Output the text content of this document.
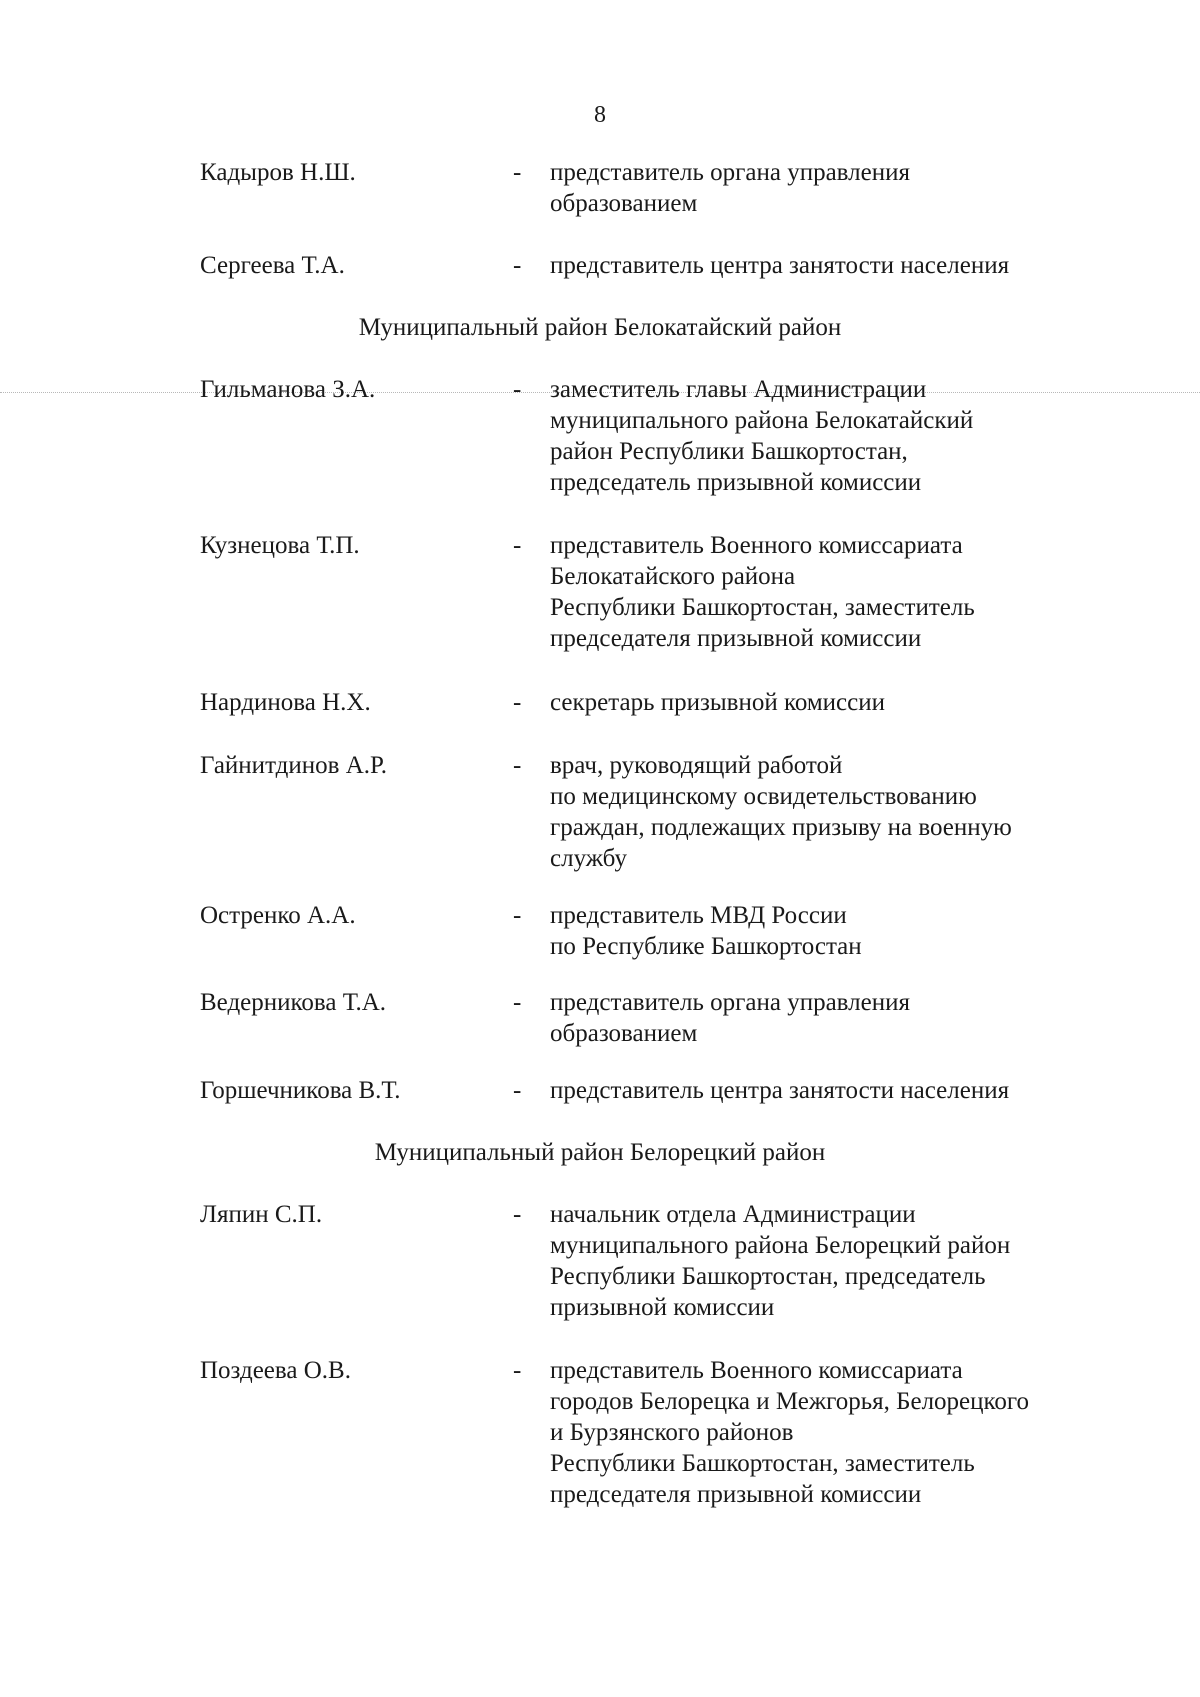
8
Кадыров Н.Ш.	- представитель органа управления
образованием
Сергеева Т.А.	- представитель центра занятости населения
Муниципальный район Белокатайский район
Гильманова З.А.	- заместитель главы Администрации
муниципального района Белокатайский
район Республики Башкортостан,
председатель призывной комиссии
Кузнецова Т.П.	- представитель Военного комиссариата
Белокатайского района
Республики Башкортостан, заместитель
председателя призывной комиссии
Нардинова Н.Х.	- секретарь призывной комиссии
Гайнитдинов А.Р.	- врач, руководящий работой
по медицинскому освидетельствованию
граждан, подлежащих призыву на военную
службу
Остренко А.А.	- представитель МВД России
по Республике Башкортостан
Ведерникова Т.А.	- представитель органа управления
образованием
Горшечникова В.Т.	- представитель центра занятости населения
Муниципальный район Белорецкий район
Ляпин С.П.	- начальник отдела Администрации
муниципального района Белорецкий район
Республики Башкортостан, председатель
призывной комиссии
Поздеева О.В.	- представитель Военного комиссариата
городов Белорецка и Межгорья, Белорецкого
и Бурзянского районов
Республики Башкортостан, заместитель
председателя призывной комиссии
